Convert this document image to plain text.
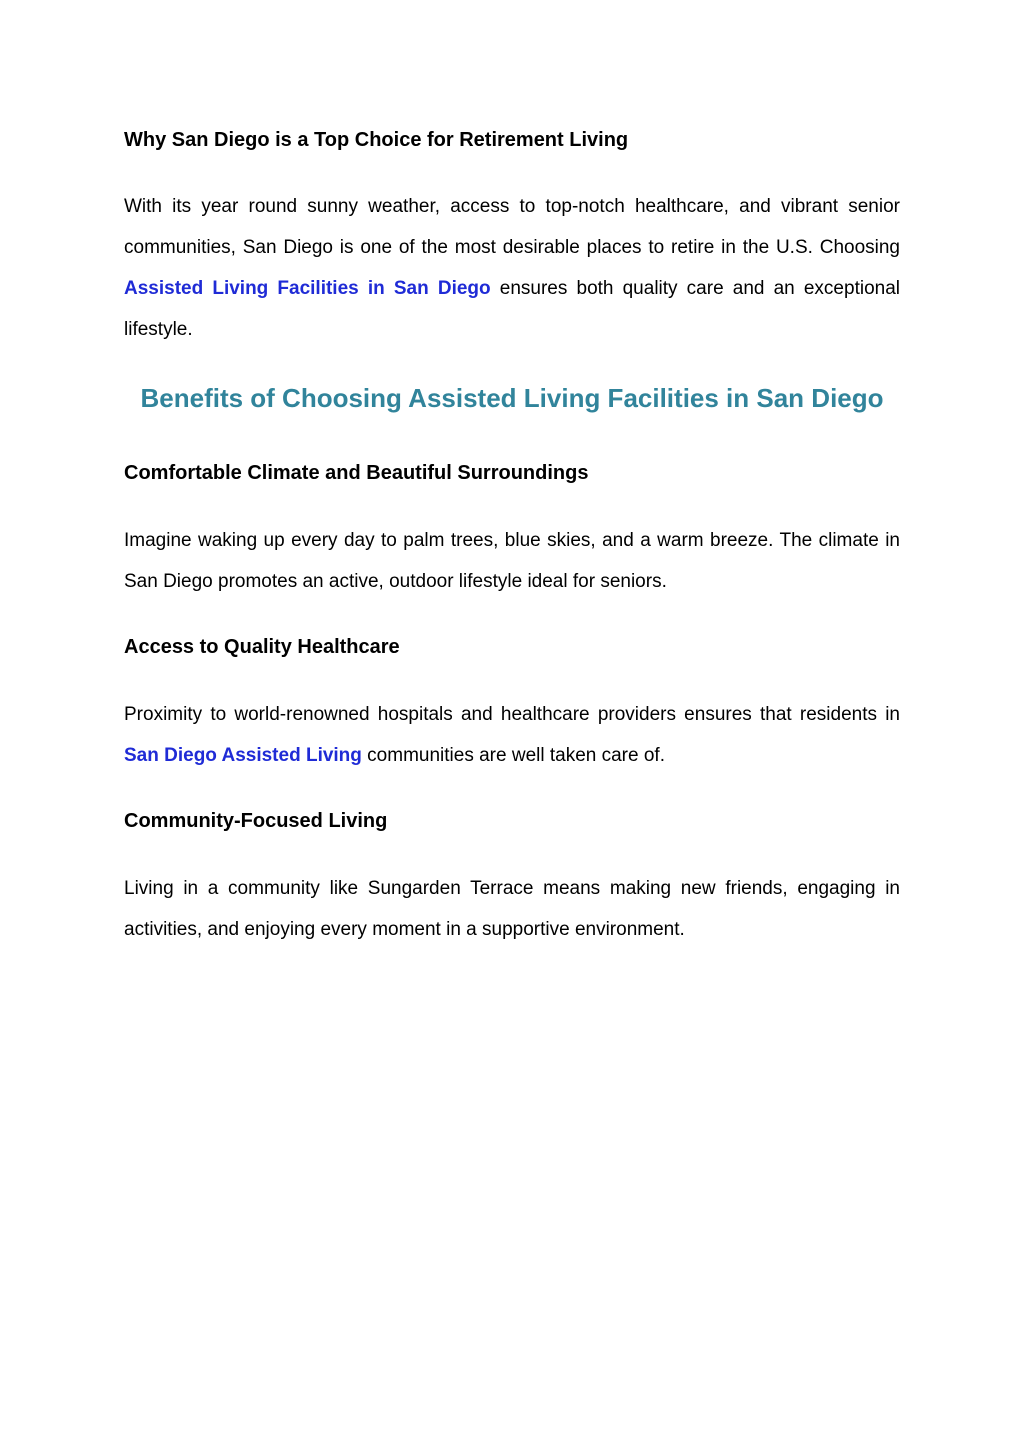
Why San Diego is a Top Choice for Retirement Living

With its year round sunny weather, access to top-notch healthcare, and vibrant senior communities, San Diego is one of the most desirable places to retire in the U.S. Choosing Assisted Living Facilities in San Diego ensures both quality care and an exceptional lifestyle.

Benefits of Choosing Assisted Living Facilities in San Diego
Comfortable Climate and Beautiful Surroundings

Imagine waking up every day to palm trees, blue skies, and a warm breeze. The climate in San Diego promotes an active, outdoor lifestyle ideal for seniors.

Access to Quality Healthcare

Proximity to world-renowned hospitals and healthcare providers ensures that residents in San Diego Assisted Living communities are well taken care of.

Community-Focused Living

Living in a community like Sungarden Terrace means making new friends, engaging in activities, and enjoying every moment in a supportive environment.
